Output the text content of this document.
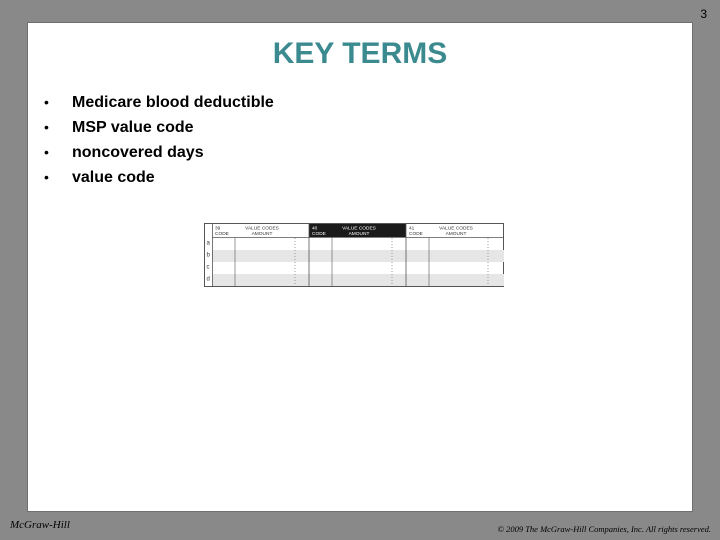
3
KEY TERMS
• Medicare blood deductible
• MSP value code
• noncovered days
• value code
39	VALUE CODES
CODE	AMOUNT
40	VALUE CODES
CODE	AMOUNT
41	VALUE CODES
CODE	AMOUNT
a
b
c
d
McGraw-Hill	© 2009 The McGraw-Hill Companies, Inc. All rights reserved.
